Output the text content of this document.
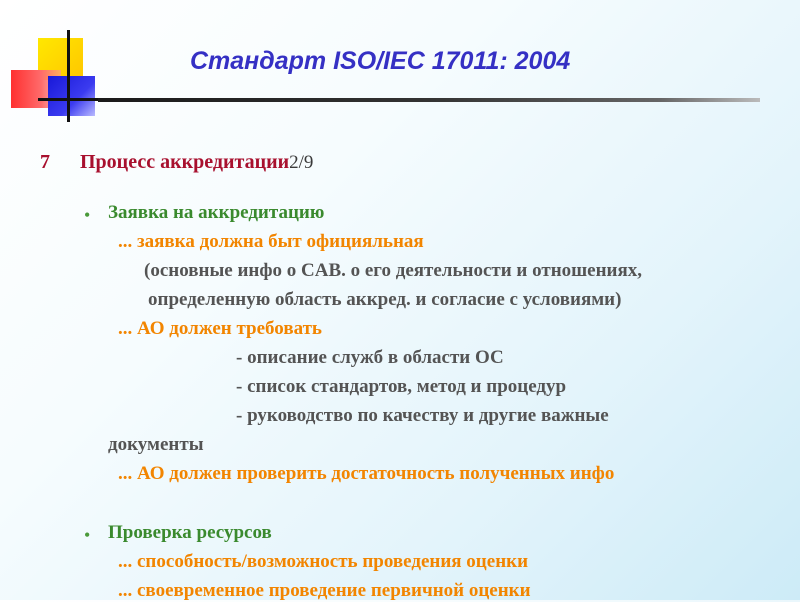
Стандарт ISO/IEC 17011: 2004
7 Процесс аккредитации2/9
• Заявка на аккредитацию
... заявка должна быт официяльная
(основные инфо о CAB. о его деятельности и отношениях,
определенную область аккред. и согласие с условиями)
... АО должен требовать
- описание служб в области ОС
- список стандартов, метод и процедур
- руководство по качеству и другие важные
документы
... АО должен проверить достаточность полученных инфо
• Проверка ресурсов
... способность/возможность проведения оценки
... своевременное проведение первичной оценки
